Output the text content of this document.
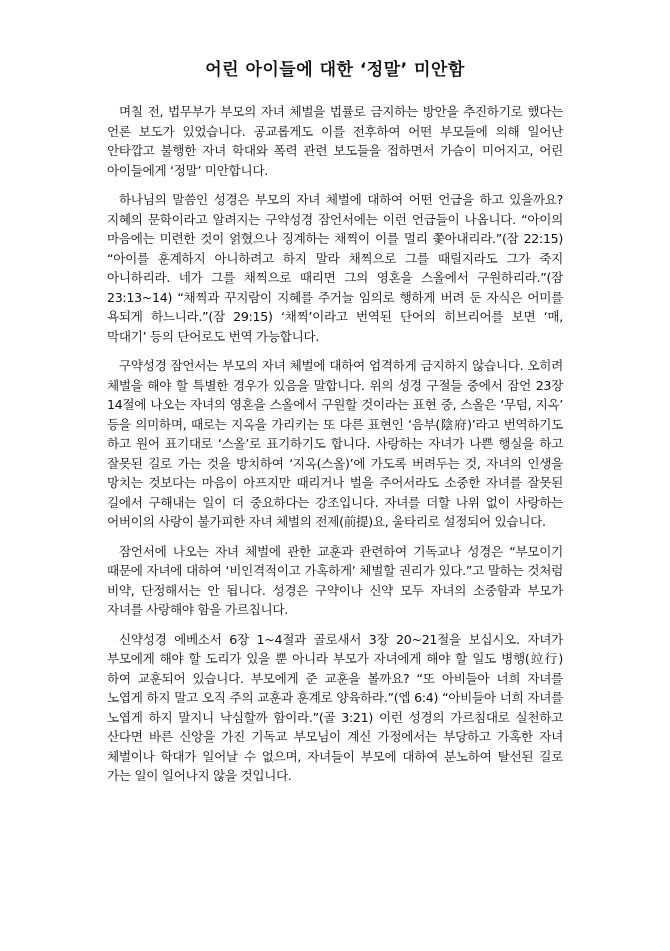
어린 아이들에 대한 ‘정말’ 미안함

며칠 전, 법무부가 부모의 자녀 체벌을 법률로 금지하는 방안을 추진하기로 했다는 언론 보도가 있었습니다. 공교롭게도 이를 전후하여 어떤 부모들에 의해 일어난 안타깝고 불행한 자녀 학대와 폭력 관련 보도들을 접하면서 가슴이 미어지고, 어린 아이들에게 ‘정말’ 미안합니다.

하나님의 말씀인 성경은 부모의 자녀 체벌에 대하여 어떤 언급을 하고 있을까요? 지혜의 문학이라고 알려지는 구약성경 잠언서에는 이런 언급들이 나옵니다. “아이의 마음에는 미련한 것이 얽혔으나 징계하는 채찍이 이를 멀리 쫓아내리라.”(잠 22:15) “아이를 훈계하지 아니하려고 하지 말라 채찍으로 그를 때릴지라도 그가 죽지 아니하리라. 네가 그를 채찍으로 때리면 그의 영혼을 스올에서 구원하리라.”(잠 23:13~14) “채찍과 꾸지람이 지혜를 주거늘 임의로 행하게 버려 둔 자식은 어미를 욕되게 하느니라.”(잠 29:15) ‘채찍’이라고 번역된 단어의 히브리어를 보면 ‘매, 막대기’ 등의 단어로도 번역 가능합니다.

구약성경 잠언서는 부모의 자녀 체벌에 대하여 엄격하게 금지하지 않습니다. 오히려 체벌을 해야 할 특별한 경우가 있음을 말합니다. 위의 성경 구절들 중에서 잠언 23장 14절에 나오는 자녀의 영혼을 스올에서 구원할 것이라는 표현 중, 스올은 ‘무덤, 지옥’ 등을 의미하며, 때로는 지옥을 가리키는 또 다른 표현인 ‘음부(陰府)’라고 번역하기도 하고 원어 표기대로 ‘스올’로 표기하기도 합니다. 사랑하는 자녀가 나쁜 행실을 하고 잘못된 길로 가는 것을 방치하여 ‘지옥(스올)’에 가도록 버려두는 것, 자녀의 인생을 망치는 것보다는 마음이 아프지만 때리거나 벌을 주어서라도 소중한 자녀를 잘못된 길에서 구해내는 일이 더 중요하다는 강조입니다. 자녀를 더할 나위 없이 사랑하는 어버이의 사랑이 불가피한 자녀 체벌의 전제(前提)요, 울타리로 설정되어 있습니다.

잠언서에 나오는 자녀 체벌에 관한 교훈과 관련하여 기독교나 성경은 “부모이기 때문에 자녀에 대하여 ‘비인격적이고 가혹하게’ 체벌할 권리가 있다.”고 말하는 것처럼 비약, 단정해서는 안 됩니다. 성경은 구약이나 신약 모두 자녀의 소중함과 부모가 자녀를 사랑해야 함을 가르칩니다.

신약성경 에베소서 6장 1~4절과 골로새서 3장 20~21절을 보십시오. 자녀가 부모에게 해야 할 도리가 있을 뿐 아니라 부모가 자녀에게 해야 할 일도 병행(竝行)하여 교훈되어 있습니다. 부모에게 준 교훈을 볼까요? “또 아비들아 너희 자녀를 노엽게 하지 말고 오직 주의 교훈과 훈계로 양육하라.”(엡 6:4) “아비들아 너희 자녀를 노엽게 하지 말지니 낙심할까 함이라.”(골 3:21) 이런 성경의 가르침대로 실천하고 산다면 바른 신앙을 가진 기독교 부모님이 계신 가정에서는 부당하고 가혹한 자녀 체벌이나 학대가 일어날 수 없으며, 자녀들이 부모에 대하여 분노하여 탈선된 길로 가는 일이 일어나지 않을 것입니다.
